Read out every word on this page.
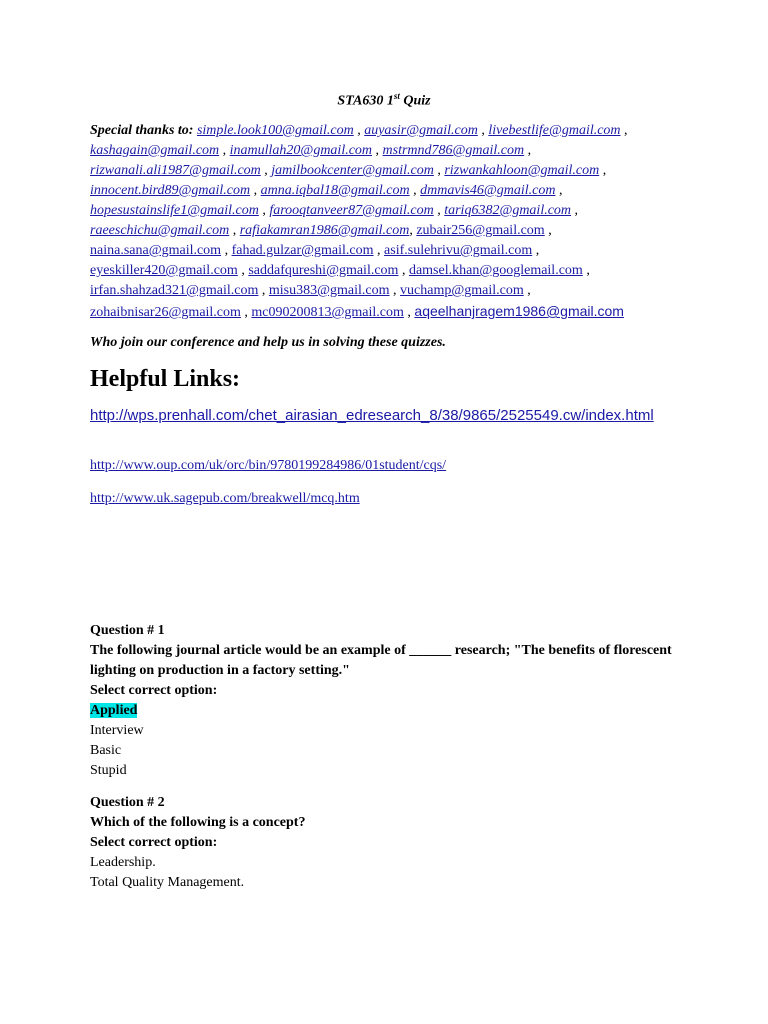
STA630 1st Quiz
Special thanks to: simple.look100@gmail.com , auyasir@gmail.com , livebestlife@gmail.com ,
kashagain@gmail.com , inamullah20@gmail.com , mstrmnd786@gmail.com ,
rizwanali.ali1987@gmail.com , jamilbookcenter@gmail.com , rizwankahloon@gmail.com ,
innocent.bird89@gmail.com , amna.iqbal18@gmail.com , dmmavis46@gmail.com ,
hopesustainslife1@gmail.com , farooqtanveer87@gmail.com , tariq6382@gmail.com ,
raeeschichu@gmail.com , rafiakamran1986@gmail.com, zubair256@gmail.com ,
naina.sana@gmail.com , fahad.gulzar@gmail.com , asif.sulehrivu@gmail.com ,
eyeskiller420@gmail.com , saddafqureshi@gmail.com , damsel.khan@googlemail.com ,
irfan.shahzad321@gmail.com , misu383@gmail.com , vuchamp@gmail.com ,
zohaibnisar26@gmail.com , mc090200813@gmail.com , aqeelhanjragem1986@gmail.com
Who join our conference and help us in solving these quizzes.
Helpful Links:
http://wps.prenhall.com/chet_airasian_edresearch_8/38/9865/2525549.cw/index.html
http://www.oup.com/uk/orc/bin/9780199284986/01student/cqs/
http://www.uk.sagepub.com/breakwell/mcq.htm
Question # 1
The following journal article would be an example of ______ research; "The benefits of florescent lighting on production in a factory setting."
Select correct option:
Applied
Interview
Basic
Stupid
Question # 2
Which of the following is a concept?
Select correct option:
Leadership.
Total Quality Management.
